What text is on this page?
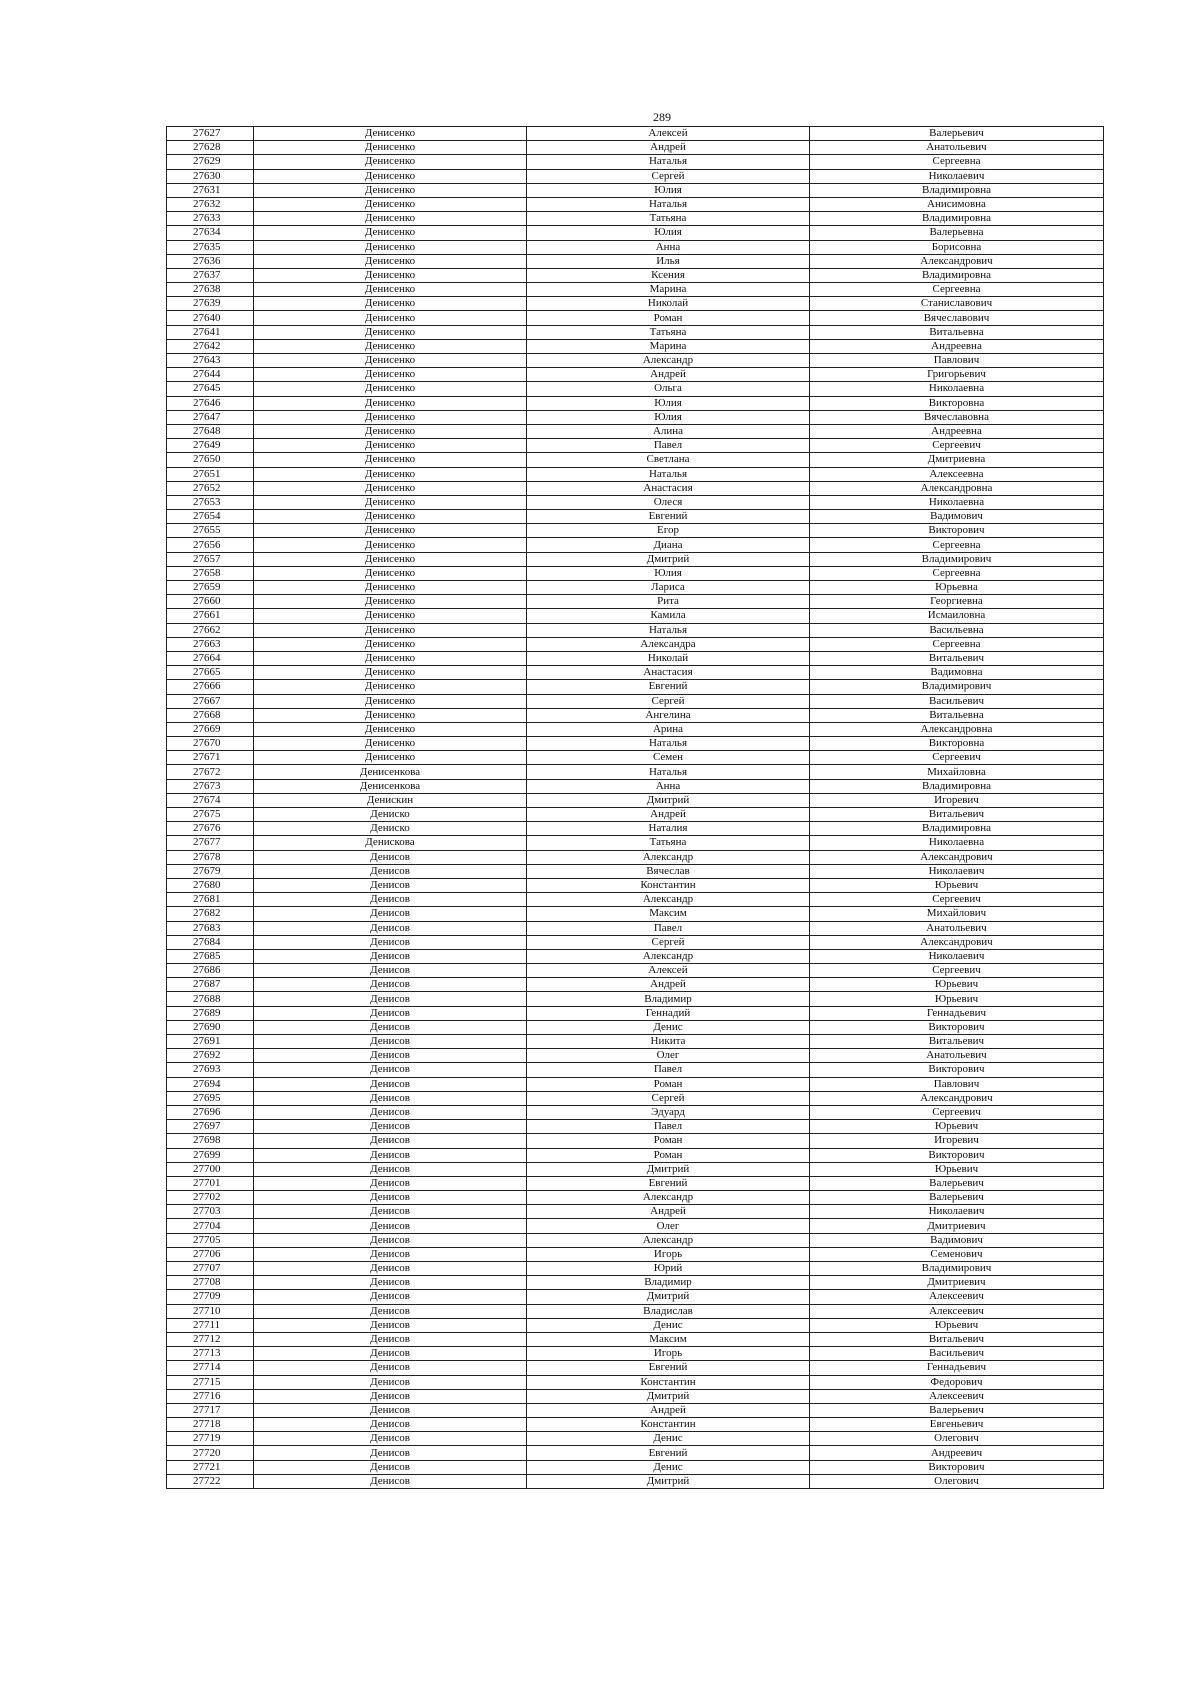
289
27627	Денисенко	Алексей	Валерьевич
27628	Денисенко	Андрей	Анатольевич
27629	Денисенко	Наталья	Сергеевна
27630	Денисенко	Сергей	Николаевич
27631	Денисенко	Юлия	Владимировна
27632	Денисенко	Наталья	Анисимовна
27633	Денисенко	Татьяна	Владимировна
27634	Денисенко	Юлия	Валерьевна
27635	Денисенко	Анна	Борисовна
27636	Денисенко	Илья	Александрович
27637	Денисенко	Ксения	Владимировна
27638	Денисенко	Марина	Сергеевна
27639	Денисенко	Николай	Станиславович
27640	Денисенко	Роман	Вячеславович
27641	Денисенко	Татьяна	Витальевна
27642	Денисенко	Марина	Андреевна
27643	Денисенко	Александр	Павлович
27644	Денисенко	Андрей	Григорьевич
27645	Денисенко	Ольга	Николаевна
27646	Денисенко	Юлия	Викторовна
27647	Денисенко	Юлия	Вячеславовна
27648	Денисенко	Алина	Андреевна
27649	Денисенко	Павел	Сергеевич
27650	Денисенко	Светлана	Дмитриевна
27651	Денисенко	Наталья	Алексеевна
27652	Денисенко	Анастасия	Александровна
27653	Денисенко	Олеся	Николаевна
27654	Денисенко	Евгений	Вадимович
27655	Денисенко	Егор	Викторович
27656	Денисенко	Диана	Сергеевна
27657	Денисенко	Дмитрий	Владимирович
27658	Денисенко	Юлия	Сергеевна
27659	Денисенко	Лариса	Юрьевна
27660	Денисенко	Рита	Георгиевна
27661	Денисенко	Камила	Исмаиловна
27662	Денисенко	Наталья	Васильевна
27663	Денисенко	Александра	Сергеевна
27664	Денисенко	Николай	Витальевич
27665	Денисенко	Анастасия	Вадимовна
27666	Денисенко	Евгений	Владимирович
27667	Денисенко	Сергей	Васильевич
27668	Денисенко	Ангелина	Витальевна
27669	Денисенко	Арина	Александровна
27670	Денисенко	Наталья	Викторовна
27671	Денисенко	Семен	Сергеевич
27672	Денисенкова	Наталья	Михайловна
27673	Денисенкова	Анна	Владимировна
27674	Денискин	Дмитрий	Игоревич
27675	Дениско	Андрей	Витальевич
27676	Дениско	Наталия	Владимировна
27677	Денискова	Татьяна	Николаевна
27678	Денисов	Александр	Александрович
27679	Денисов	Вячеслав	Николаевич
27680	Денисов	Константин	Юрьевич
27681	Денисов	Александр	Сергеевич
27682	Денисов	Максим	Михайлович
27683	Денисов	Павел	Анатольевич
27684	Денисов	Сергей	Александрович
27685	Денисов	Александр	Николаевич
27686	Денисов	Алексей	Сергеевич
27687	Денисов	Андрей	Юрьевич
27688	Денисов	Владимир	Юрьевич
27689	Денисов	Геннадий	Геннадьевич
27690	Денисов	Денис	Викторович
27691	Денисов	Никита	Витальевич
27692	Денисов	Олег	Анатольевич
27693	Денисов	Павел	Викторович
27694	Денисов	Роман	Павлович
27695	Денисов	Сергей	Александрович
27696	Денисов	Эдуард	Сергеевич
27697	Денисов	Павел	Юрьевич
27698	Денисов	Роман	Игоревич
27699	Денисов	Роман	Викторович
27700	Денисов	Дмитрий	Юрьевич
27701	Денисов	Евгений	Валерьевич
27702	Денисов	Александр	Валерьевич
27703	Денисов	Андрей	Николаевич
27704	Денисов	Олег	Дмитриевич
27705	Денисов	Александр	Вадимович
27706	Денисов	Игорь	Семенович
27707	Денисов	Юрий	Владимирович
27708	Денисов	Владимир	Дмитриевич
27709	Денисов	Дмитрий	Алексеевич
27710	Денисов	Владислав	Алексеевич
27711	Денисов	Денис	Юрьевич
27712	Денисов	Максим	Витальевич
27713	Денисов	Игорь	Васильевич
27714	Денисов	Евгений	Геннадьевич
27715	Денисов	Константин	Федорович
27716	Денисов	Дмитрий	Алексеевич
27717	Денисов	Андрей	Валерьевич
27718	Денисов	Константин	Евгеньевич
27719	Денисов	Денис	Олегович
27720	Денисов	Евгений	Андреевич
27721	Денисов	Денис	Викторович
27722	Денисов	Дмитрий	Олегович
